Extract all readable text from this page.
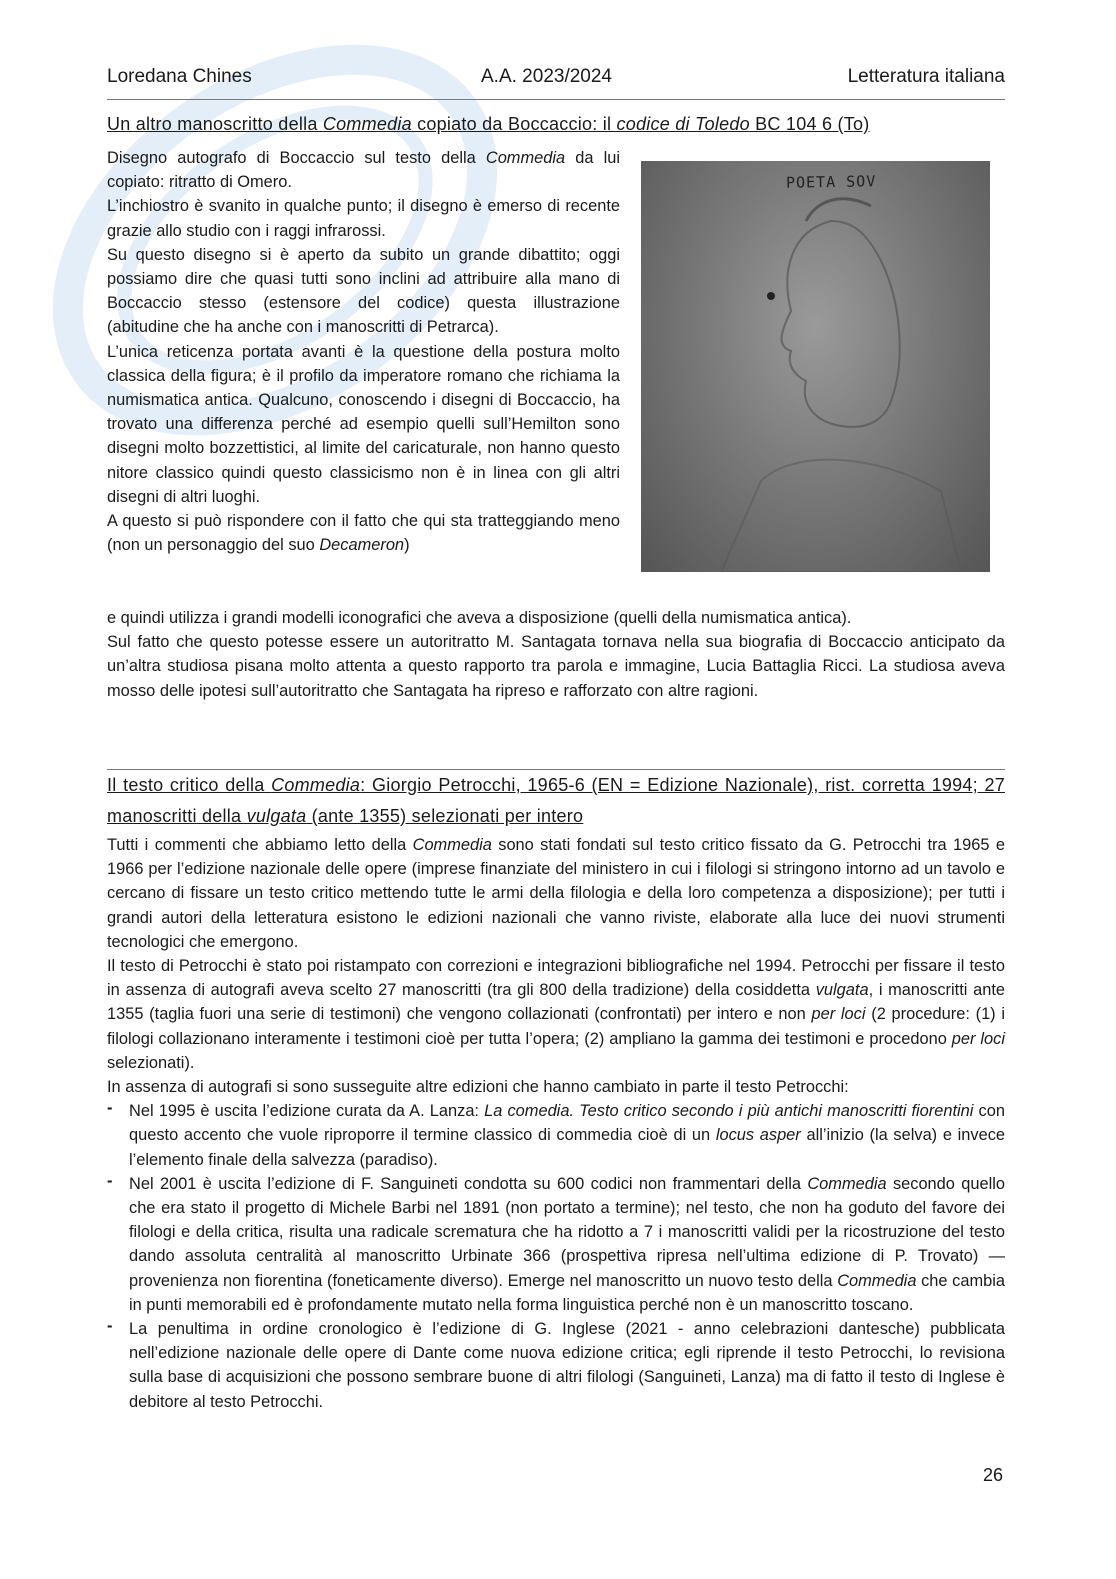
Loredana Chines	A.A. 2023/2024	Letteratura italiana
Un altro manoscritto della Commedia copiato da Boccaccio: il codice di Toledo BC 104 6 (To)

Disegno autografo di Boccaccio sul testo della Commedia da lui copiato: ritratto di Omero.

L’inchiostro è svanito in qualche punto; il disegno è emerso di recente grazie allo studio con i raggi infrarossi.

Su questo disegno si è aperto da subito un grande dibattito; oggi possiamo dire che quasi tutti sono inclini ad attribuire alla mano di Boccaccio stesso (estensore del codice) questa illustrazione (abitudine che ha anche con i manoscritti di Petrarca).

L’unica reticenza portata avanti è la questione della postura molto classica della figura; è il profilo da imperatore romano che richiama la numismatica antica. Qualcuno, conoscendo i disegni di Boccaccio, ha trovato una differenza perché ad esempio quelli sull’Hemilton sono disegni molto bozzettistici, al limite del caricaturale, non hanno questo nitore classico quindi questo classicismo non è in linea con gli altri disegni di altri luoghi.

A questo si può rispondere con il fatto che qui sta tratteggiando meno (non un personaggio del suo Decameron)

POETA SOV

e quindi utilizza i grandi modelli iconografici che aveva a disposizione (quelli della numismatica antica).

Sul fatto che questo potesse essere un autoritratto M. Santagata tornava nella sua biografia di Boccaccio anticipato da un’altra studiosa pisana molto attenta a questo rapporto tra parola e immagine, Lucia Battaglia Ricci. La studiosa aveva mosso delle ipotesi sull’autoritratto che Santagata ha ripreso e rafforzato con altre ragioni.

Il testo critico della Commedia: Giorgio Petrocchi, 1965-6 (EN = Edizione Nazionale), rist. corretta 1994; 27 manoscritti della vulgata (ante 1355) selezionati per intero

Tutti i commenti che abbiamo letto della Commedia sono stati fondati sul testo critico fissato da G. Petrocchi tra 1965 e 1966 per l’edizione nazionale delle opere (imprese finanziate del ministero in cui i filologi si stringono intorno ad un tavolo e cercano di fissare un testo critico mettendo tutte le armi della filologia e della loro competenza a disposizione); per tutti i grandi autori della letteratura esistono le edizioni nazionali che vanno riviste, elaborate alla luce dei nuovi strumenti tecnologici che emergono.

Il testo di Petrocchi è stato poi ristampato con correzioni e integrazioni bibliografiche nel 1994. Petrocchi per fissare il testo in assenza di autografi aveva scelto 27 manoscritti (tra gli 800 della tradizione) della cosiddetta vulgata, i manoscritti ante 1355 (taglia fuori una serie di testimoni) che vengono collazionati (confrontati) per intero e non per loci (2 procedure: (1) i filologi collazionano interamente i testimoni cioè per tutta l’opera; (2) ampliano la gamma dei testimoni e procedono per loci selezionati).

In assenza di autografi si sono susseguite altre edizioni che hanno cambiato in parte il testo Petrocchi:

- Nel 1995 è uscita l’edizione curata da A. Lanza: La comedia. Testo critico secondo i più antichi manoscritti fiorentini con questo accento che vuole riproporre il termine classico di commedia cioè di un locus asper all’inizio (la selva) e invece l’elemento finale della salvezza (paradiso).
- Nel 2001 è uscita l’edizione di F. Sanguineti condotta su 600 codici non frammentari della Commedia secondo quello che era stato il progetto di Michele Barbi nel 1891 (non portato a termine); nel testo, che non ha goduto del favore dei filologi e della critica, risulta una radicale scrematura che ha ridotto a 7 i manoscritti validi per la ricostruzione del testo dando assoluta centralità al manoscritto Urbinate 366 (prospettiva ripresa nell’ultima edizione di P. Trovato) — provenienza non fiorentina (foneticamente diverso). Emerge nel manoscritto un nuovo testo della Commedia che cambia in punti memorabili ed è profondamente mutato nella forma linguistica perché non è un manoscritto toscano.
- La penultima in ordine cronologico è l’edizione di G. Inglese (2021 - anno celebrazioni dantesche) pubblicata nell’edizione nazionale delle opere di Dante come nuova edizione critica; egli riprende il testo Petrocchi, lo revisiona sulla base di acquisizioni che possono sembrare buone di altri filologi (Sanguineti, Lanza) ma di fatto il testo di Inglese è debitore al testo Petrocchi.
26
